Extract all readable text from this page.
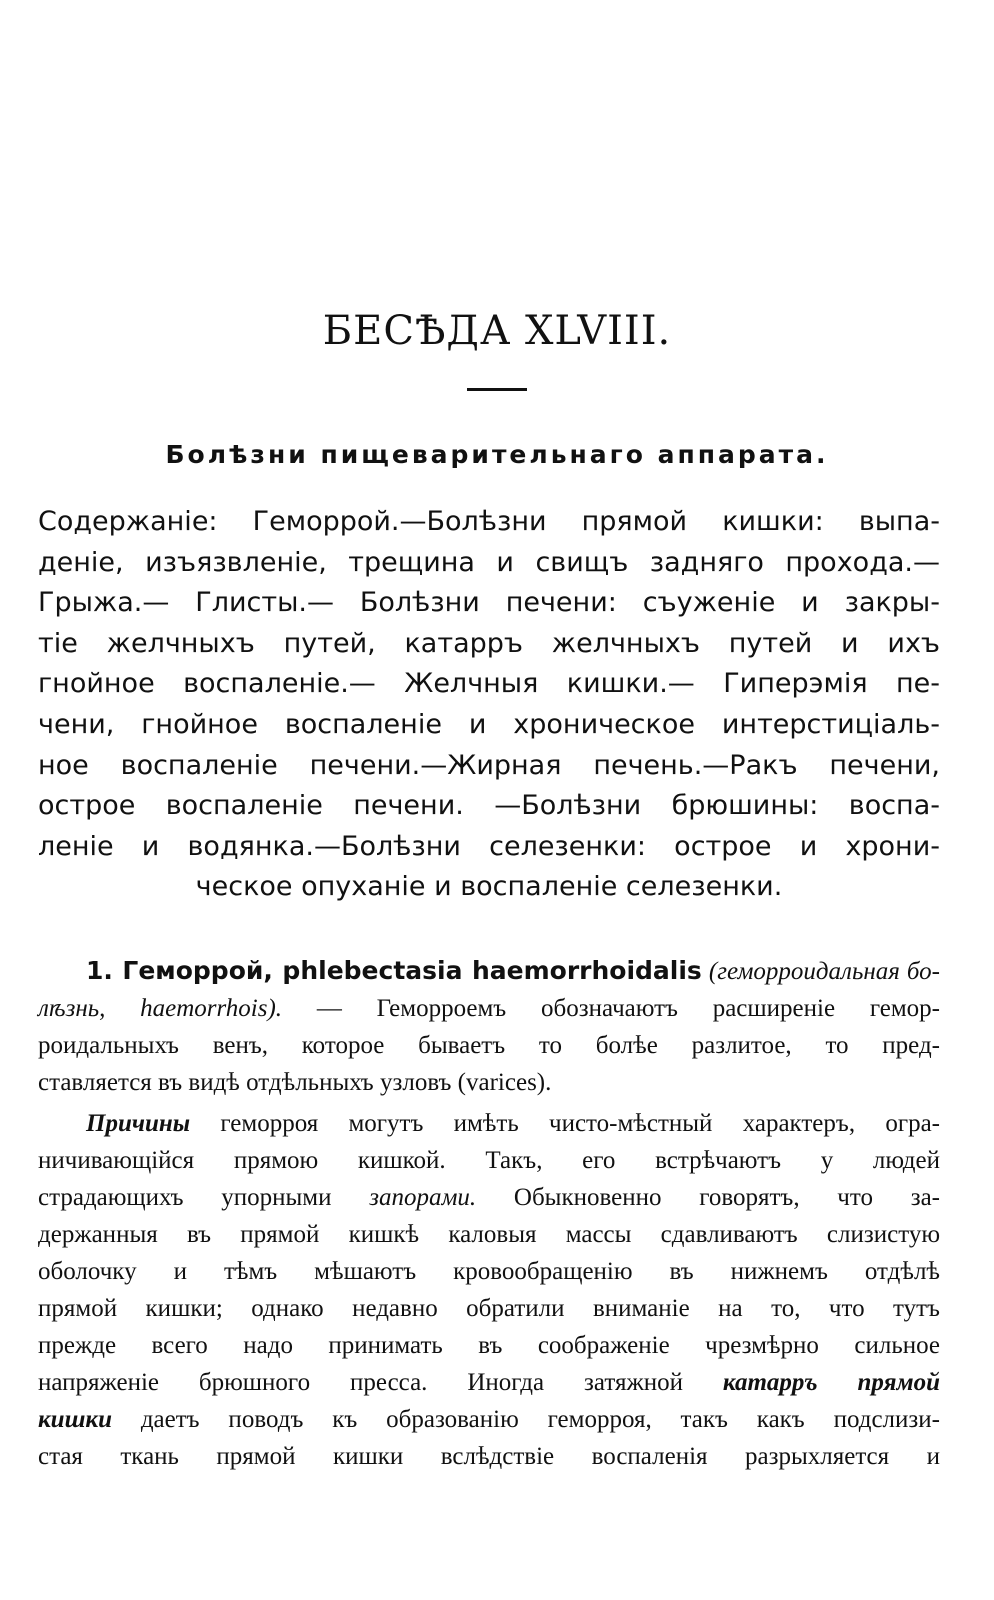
БЕСѢДА XLVIII.
Болѣзни пищеварительнаго аппарата.
Содержаніе: Геморрой.—Болѣзни прямой кишки: выпа-
деніе, изъязвленіе, трещина и свищъ задняго прохода.—
Грыжа.— Глисты.— Болѣзни печени: съуженіе и закры-
тіе желчныхъ путей, катарръ желчныхъ путей и ихъ
гнойное воспаленіе.— Желчныя кишки.— Гиперэмія пе-
чени, гнойное воспаленіе и хроническое интерстиціаль-
ное воспаленіе печени.—Жирная печень.—Ракъ печени,
острое воспаленіе печени. —Болѣзни брюшины: воспа-
леніе и водянка.—Болѣзни селезенки: острое и хрони-
ческое опуханіе и воспаленіе селезенки.
1. Геморрой, phlebectasia haemorrhoidalis (геморроидальная бо-
лѣзнь, haemorrhois). — Геморроемъ обозначаютъ расширеніе гемор-
роидальныхъ венъ, которое бываетъ то болѣе разлитое, то пред-
ставляется въ видѣ отдѣльныхъ узловъ (varices).
Причины геморроя могутъ имѣть чисто-мѣстный характеръ, огра-
ничивающійся прямою кишкой. Такъ, его встрѣчаютъ у людей
страдающихъ упорными запорами. Обыкновенно говорятъ, что за-
держанныя въ прямой кишкѣ каловыя массы сдавливаютъ слизистую
оболочку и тѣмъ мѣшаютъ кровообращенію въ нижнемъ отдѣлѣ
прямой кишки; однако недавно обратили вниманіе на то, что тутъ
прежде всего надо принимать въ соображеніе чрезмѣрно сильное
напряженіе брюшного пресса. Иногда затяжной катарръ прямой
кишки даетъ поводъ къ образованію геморроя, такъ какъ подслизи-
стая ткань прямой кишки вслѣдствіе воспаленія разрыхляется и
